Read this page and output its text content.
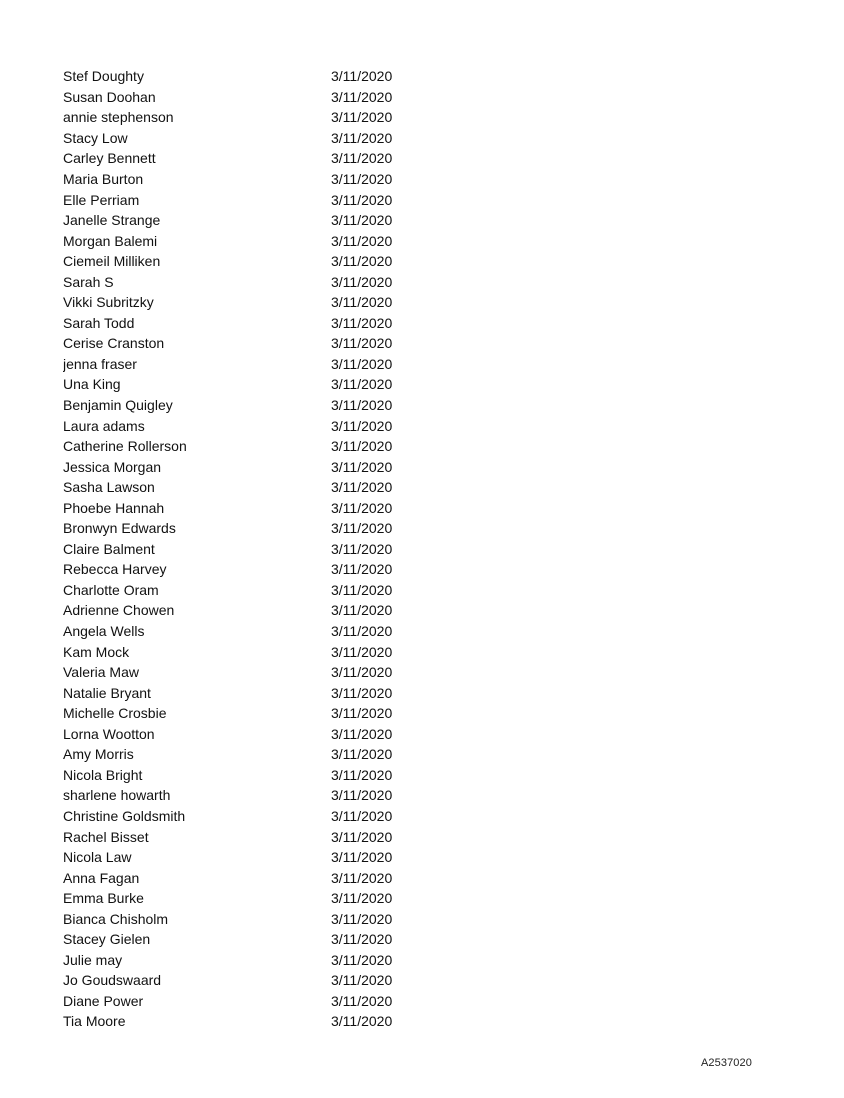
Stef Doughty	3/11/2020
Susan Doohan	3/11/2020
annie stephenson	3/11/2020
Stacy Low	3/11/2020
Carley Bennett	3/11/2020
Maria Burton	3/11/2020
Elle Perriam	3/11/2020
Janelle Strange	3/11/2020
Morgan Balemi	3/11/2020
Ciemeil Milliken	3/11/2020
Sarah S	3/11/2020
Vikki Subritzky	3/11/2020
Sarah Todd	3/11/2020
Cerise Cranston	3/11/2020
jenna fraser	3/11/2020
Una King	3/11/2020
Benjamin Quigley	3/11/2020
Laura adams	3/11/2020
Catherine Rollerson	3/11/2020
Jessica Morgan	3/11/2020
Sasha Lawson	3/11/2020
Phoebe Hannah	3/11/2020
Bronwyn Edwards	3/11/2020
Claire Balment	3/11/2020
Rebecca Harvey	3/11/2020
Charlotte Oram	3/11/2020
Adrienne Chowen	3/11/2020
Angela Wells	3/11/2020
Kam Mock	3/11/2020
Valeria Maw	3/11/2020
Natalie Bryant	3/11/2020
Michelle Crosbie	3/11/2020
Lorna Wootton	3/11/2020
Amy Morris	3/11/2020
Nicola Bright	3/11/2020
sharlene howarth	3/11/2020
Christine Goldsmith	3/11/2020
Rachel Bisset	3/11/2020
Nicola Law	3/11/2020
Anna Fagan	3/11/2020
Emma Burke	3/11/2020
Bianca Chisholm	3/11/2020
Stacey Gielen	3/11/2020
Julie may	3/11/2020
Jo Goudswaard	3/11/2020
Diane Power	3/11/2020
Tia Moore	3/11/2020
A2537020
